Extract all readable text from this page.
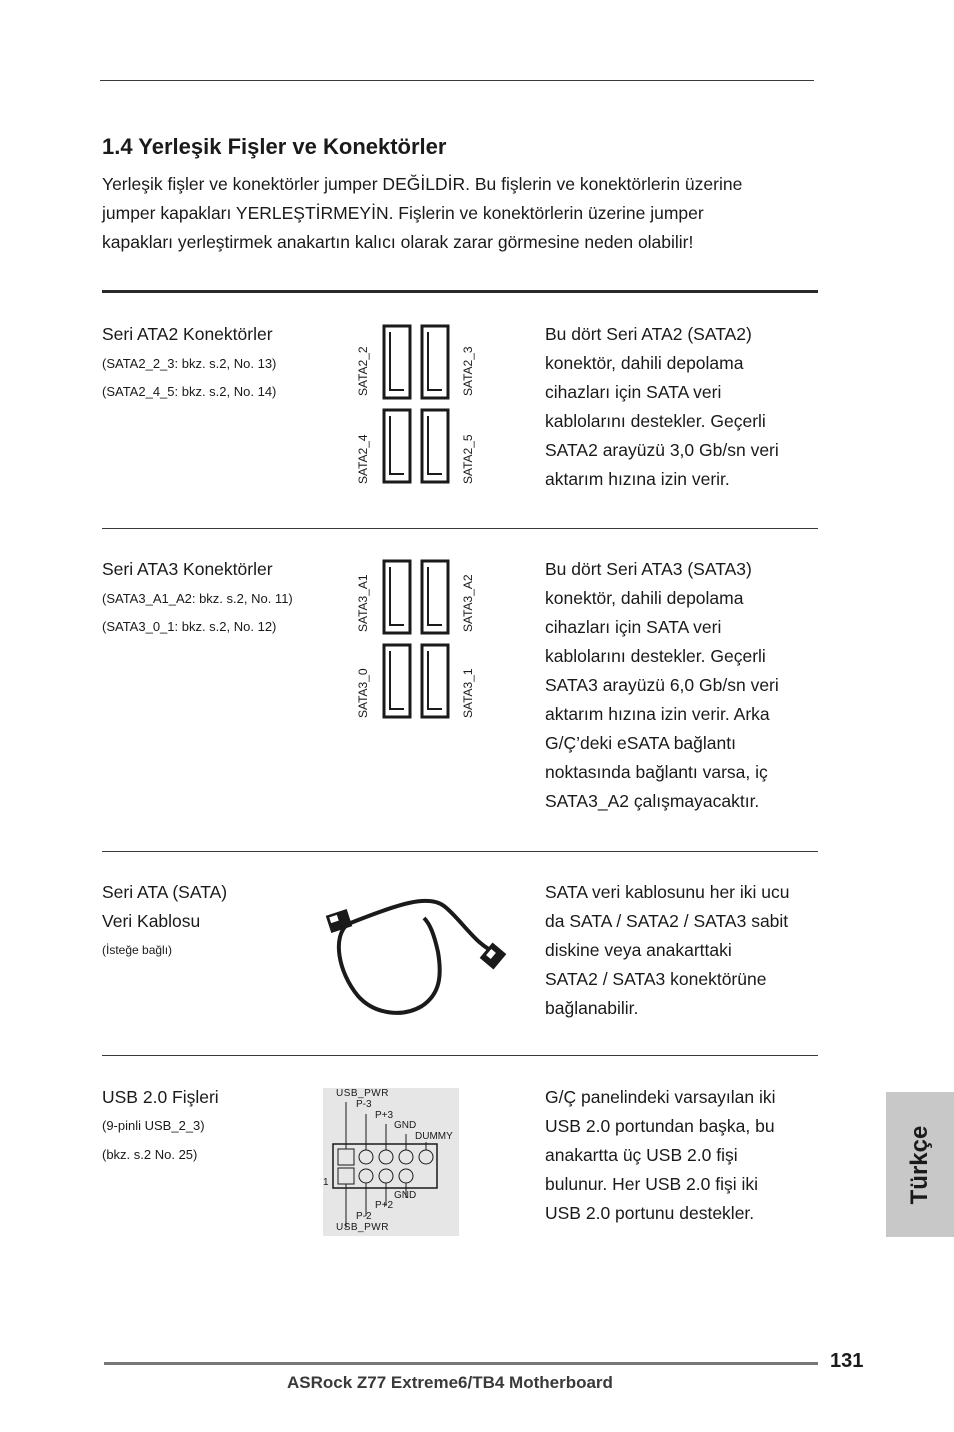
1.4 Yerleşik Fişler ve Konektörler

Yerleşik fişler ve konektörler jumper DEĞİLDİR. Bu fişlerin ve konektörlerin üzerine
jumper kapakları YERLEŞTİRMEYİN. Fişlerin ve konektörlerin üzerine jumper
kapakları yerleştirmek anakartın kalıcı olarak zarar görmesine neden olabilir!

Seri ATA2 Konektörler
(SATA2_2_3: bkz. s.2, No. 13)
(SATA2_4_5: bkz. s.2, No. 14)	SATA2_2	SATA2_3
SATA2_4	SATA2_5
Bu dört Seri ATA2 (SATA2)
konektör, dahili depolama
cihazları için SATA veri
kablolarını destekler. Geçerli
SATA2 arayüzü 3,0 Gb/sn veri
aktarım hızına izin verir.
Seri ATA3 Konektörler
(SATA3_A1_A2: bkz. s.2, No. 11)
(SATA3_0_1: bkz. s.2, No. 12)	SATA3_A1	SATA3_A2
SATA3_0	SATA3_1
Bu dört Seri ATA3 (SATA3)
konektör, dahili depolama
cihazları için SATA veri
kablolarını destekler. Geçerli
SATA3 arayüzü 6,0 Gb/sn veri
aktarım hızına izin verir. Arka
G/Ç’deki eSATA bağlantı
noktasında bağlantı varsa, iç
SATA3_A2 çalışmayacaktır.
Seri ATA (SATA)
Veri Kablosu
(İsteğe bağlı)
SATA veri kablosunu her iki ucu
da SATA / SATA2 / SATA3 sabit
diskine veya anakarttaki
SATA2 / SATA3 konektörüne
bağlanabilir.
USB 2.0 Fişleri
(9-pinli USB_2_3)
(bkz. s.2 No. 25)
USB_PWR
P-3
P+3
GND
DUMMY
1
GND
P+2
P-2
USB_PWR
G/Ç panelindeki varsayılan iki
USB 2.0 portundan başka, bu
anakartta üç USB 2.0 fişi
bulunur. Her USB 2.0 fişi iki
USB 2.0 portunu destekler.
Türkçe
131
ASRock Z77 Extreme6/TB4 Motherboard
